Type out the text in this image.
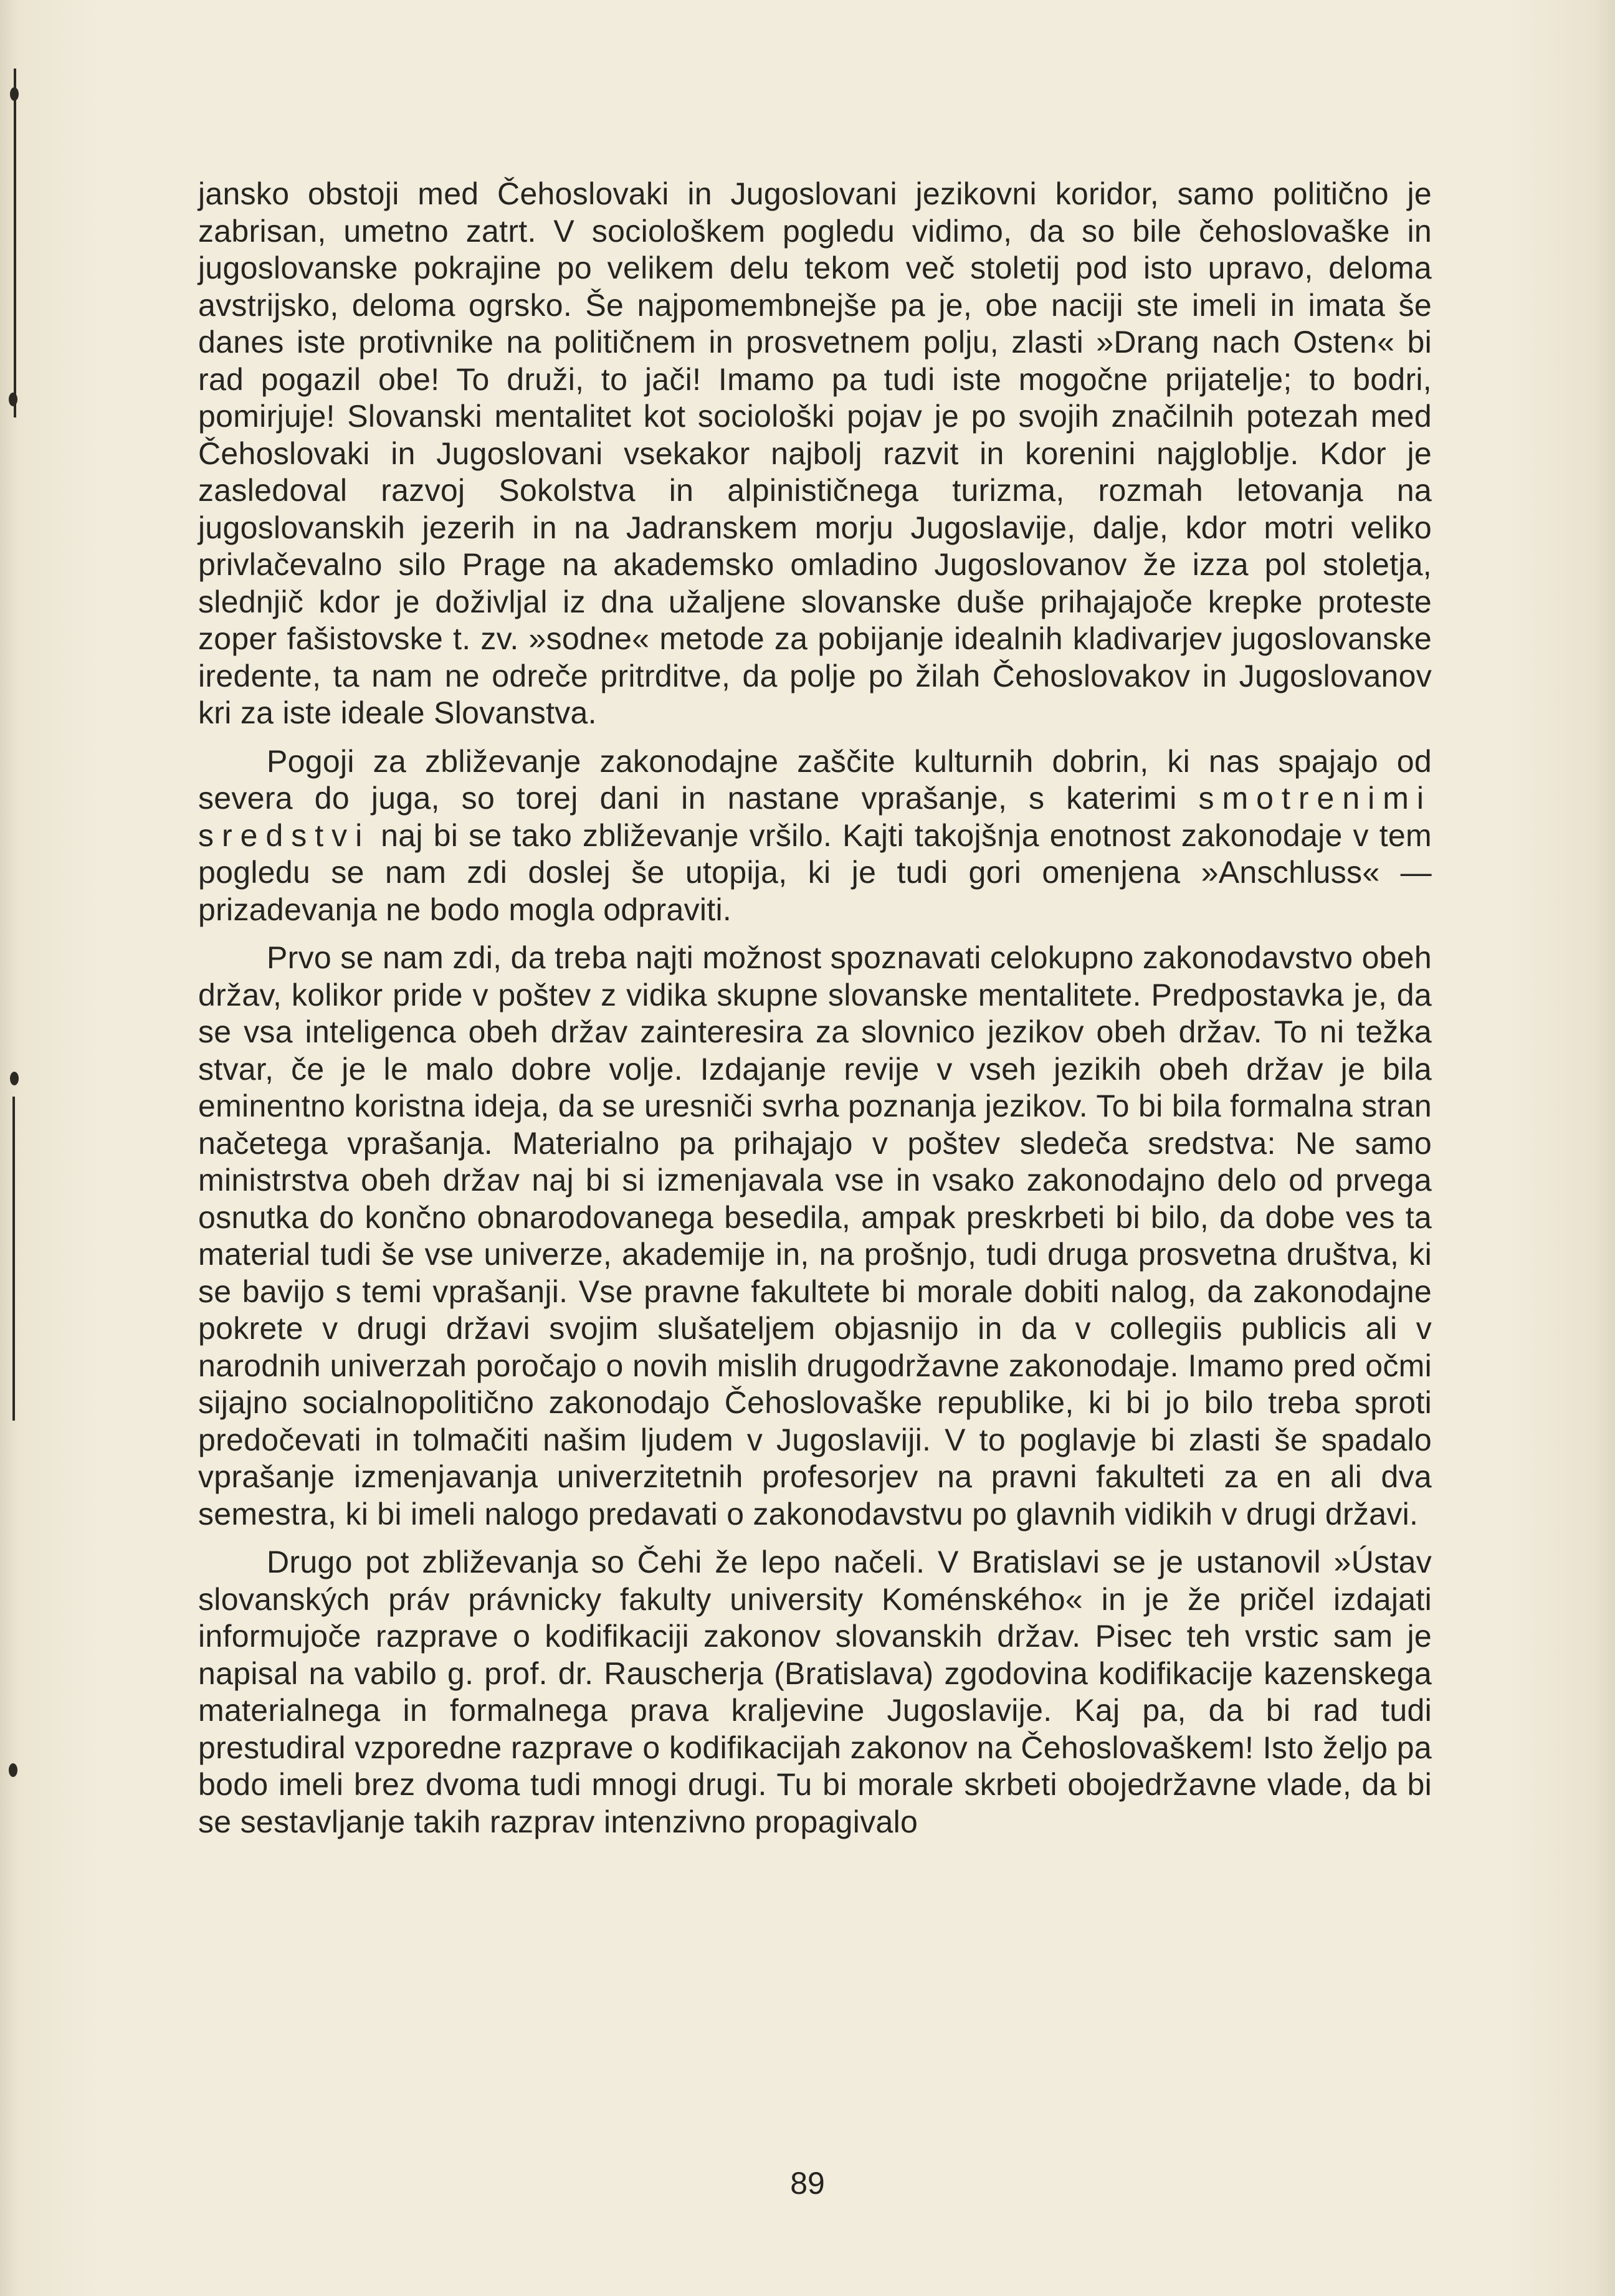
jansko obstoji med Čehoslovaki in Jugoslovani jezikovni koridor, samo politično je zabrisan, umetno zatrt. V sociološkem pogledu vidimo, da so bile čehoslovaške in jugoslovanske pokrajine po velikem delu tekom več stoletij pod isto upravo, deloma avstrijsko, deloma ogrsko. Še najpomembnejše pa je, obe naciji ste imeli in imata še danes iste protivnike na političnem in prosvetnem polju, zlasti »Drang nach Osten« bi rad pogazil obe! To druži, to jači! Imamo pa tudi iste mogočne prijatelje; to bodri, pomirjuje! Slovanski mentalitet kot sociološki pojav je po svojih značilnih potezah med Čehoslovaki in Jugoslovani vsekakor najbolj razvit in korenini najglobljе. Kdor je zasledoval razvoj Sokolstva in alpinističnega turizma, rozmah letovanja na jugoslovanskih jezerih in na Jadranskem morju Jugoslavije, dalje, kdor motri veliko privlačevalno silo Prage na akademsko omladino Jugoslovanov že izza pol stoletja, slednjič kdor je doživljal iz dna užaljene slovanske duše prihajajoče krepke proteste zoper fašistovske t. zv. »sodne« metode za pobijanje idealnih kladivarjev jugoslovanske iredente, ta nam ne odreče pritrditve, da polje po žilah Čehoslovakov in Jugoslovanov kri za iste ideale Slovanstva.

Pogoji za zbliževanje zakonodajne zaščite kulturnih dobrin, ki nas spajajo od severa do juga, so torej dani in nastane vprašanje, s katerimi smotrenimi sredstvi naj bi se tako zbliževanje vršilo. Kajti takojšnja enotnost zakonodaje v tem pogledu se nam zdi doslej še utopija, ki je tudi gori omenjena »Anschluss« — prizadevanja ne bodo mogla odpraviti.

Prvo se nam zdi, da treba najti možnost spoznavati celokupno zakonodavstvo obeh držav, kolikor pride v poštev z vidika skupne slovanske mentalitete. Predpostavka je, da se vsa inteligenca obeh držav zainteresira za slovnico jezikov obeh držav. To ni težka stvar, če je le malo dobre volje. Izdajanje revije v vseh jezikih obeh držav je bila eminentno koristna ideja, da se uresniči svrha poznanja jezikov. To bi bila formalna stran načetega vprašanja. Materialno pa prihajajo v poštev sledeča sredstva: Ne samo ministrstva obeh držav naj bi si izmenjavala vse in vsako zakonodajno delo od prvega osnutka do končno obnarodovanega besedila, ampak preskrbeti bi bilo, da dobe ves ta material tudi še vse univerze, akademije in, na prošnjo, tudi druga prosvetna društva, ki se bavijo s temi vprašanji. Vse pravne fakultete bi morale dobiti nalog, da zakonodajne pokrete v drugi državi svojim slušateljem objasnijo in da v collegiis publicis ali v narodnih univerzah poročajo o novih mislih drugodržavne zakonodaje. Imamo pred očmi sijajno socialnopolitično zakonodajo Čehoslovaške republike, ki bi jo bilo treba sproti predočevati in tolmačiti našim ljudem v Jugoslaviji. V to poglavje bi zlasti še spadalo vprašanje izmenjavanja univerzitetnih profesorjev na pravni fakulteti za en ali dva semestra, ki bi imeli nalogo predavati o zakonodavstvu po glavnih vidikih v drugi državi.

Drugo pot zbliževanja so Čehi že lepo načeli. V Bratislavi se je ustanovil »Ústav slovanských práv právnicky fakulty university Koménského« in je že pričel izdajati informujoče razprave o kodifikaciji zakonov slovanskih držav. Pisec teh vrstic sam je napisal na vabilo g. prof. dr. Rauscherja (Bratislava) zgodovina kodifikacije kazenskega materialnega in formalnega prava kraljevine Jugoslavije. Kaj pa, da bi rad tudi prestudiral vzporedne razprave o kodifikacijah zakonov na Čehoslovaškem! Isto željo pa bodo imeli brez dvoma tudi mnogi drugi. Tu bi morale skrbeti obojedržavne vlade, da bi se sestavljanje takih razprav intenzivno propagivalo

89
